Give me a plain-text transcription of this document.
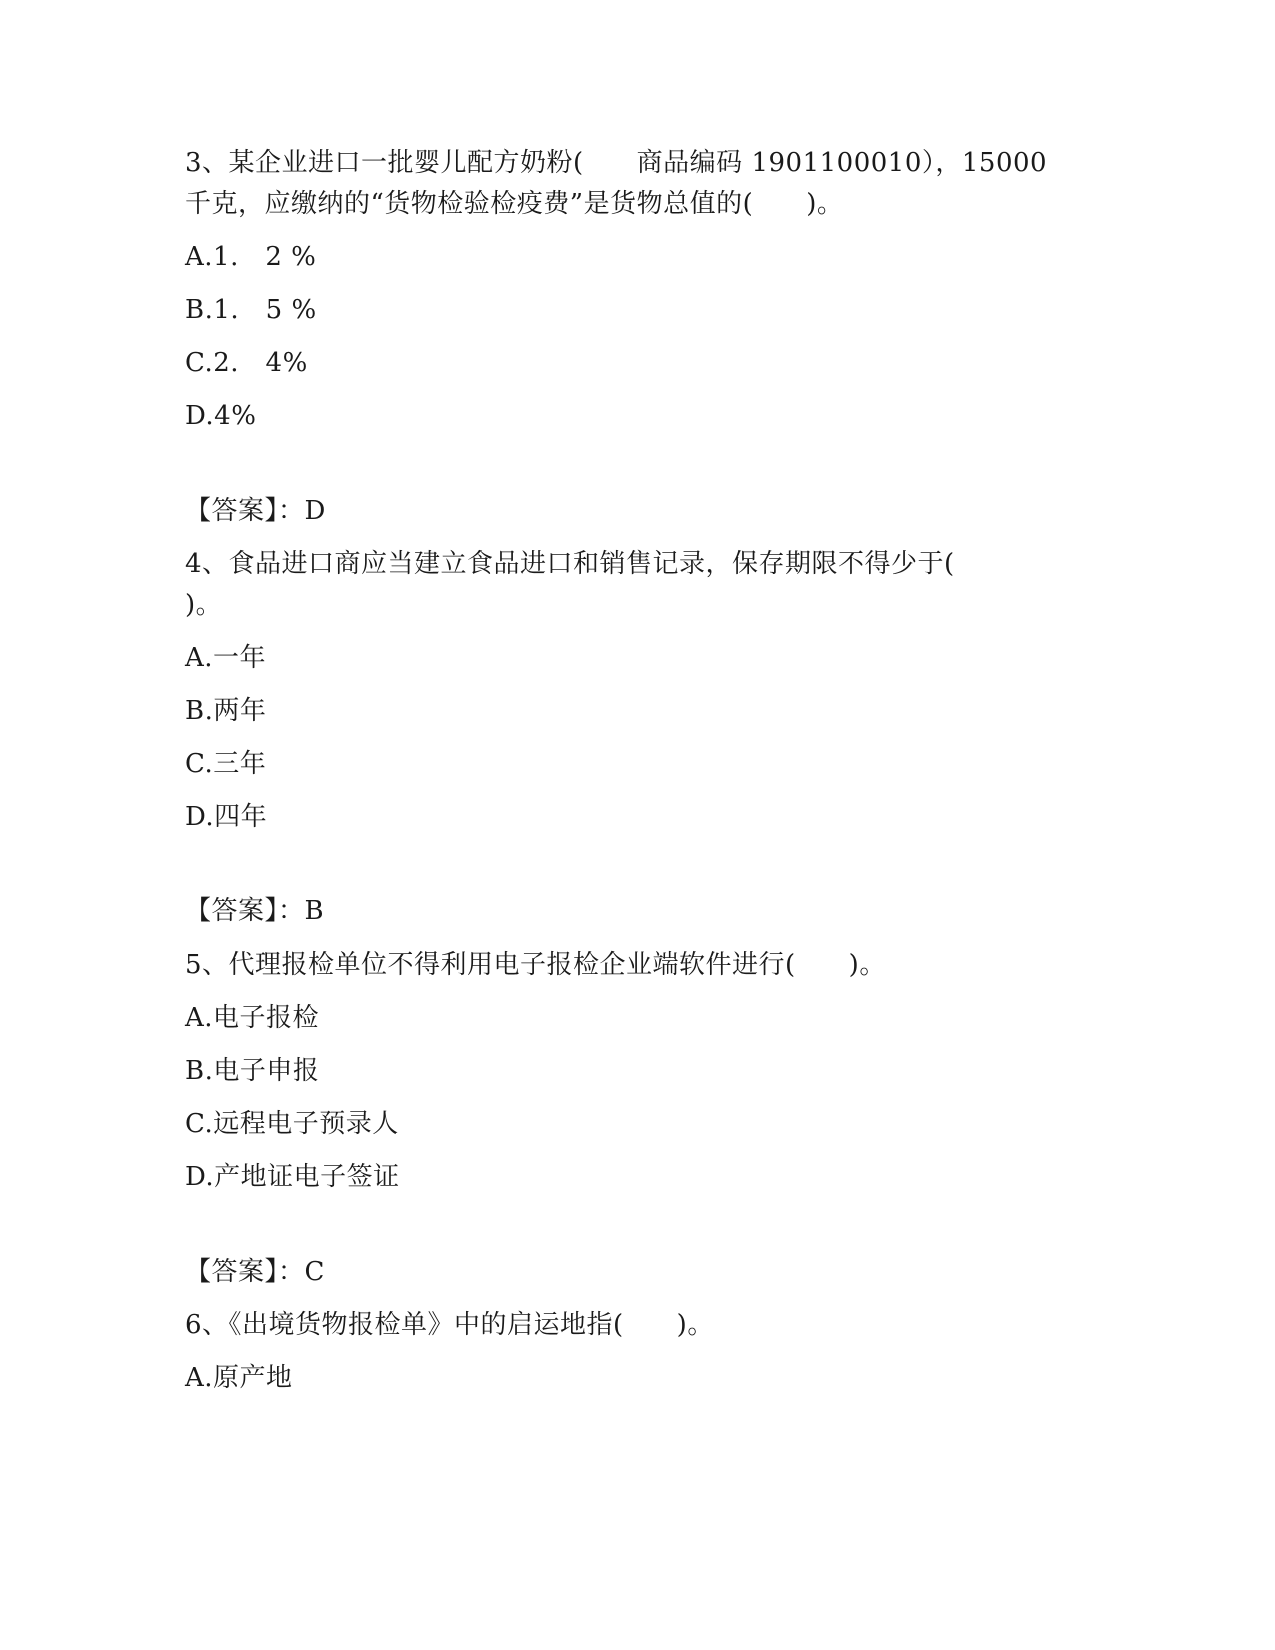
3、某企业进口一批婴儿配方奶粉(　　商品编码 1901100010），15000
千克，应缴纳的“货物检验检疫费”是货物总值的(　　)。
A.1.　2 %
B.1.　5 %
C.2.　4%
D.4%
【答案】：D
4、食品进口商应当建立食品进口和销售记录，保存期限不得少于(
)。
A.一年
B.两年
C.三年
D.四年
【答案】：B
5、代理报检单位不得利用电子报检企业端软件进行(　　)。
A.电子报检
B.电子申报
C.远程电子预录人
D.产地证电子签证
【答案】：C
6、《出境货物报检单》中的启运地指(　　)。
A.原产地
